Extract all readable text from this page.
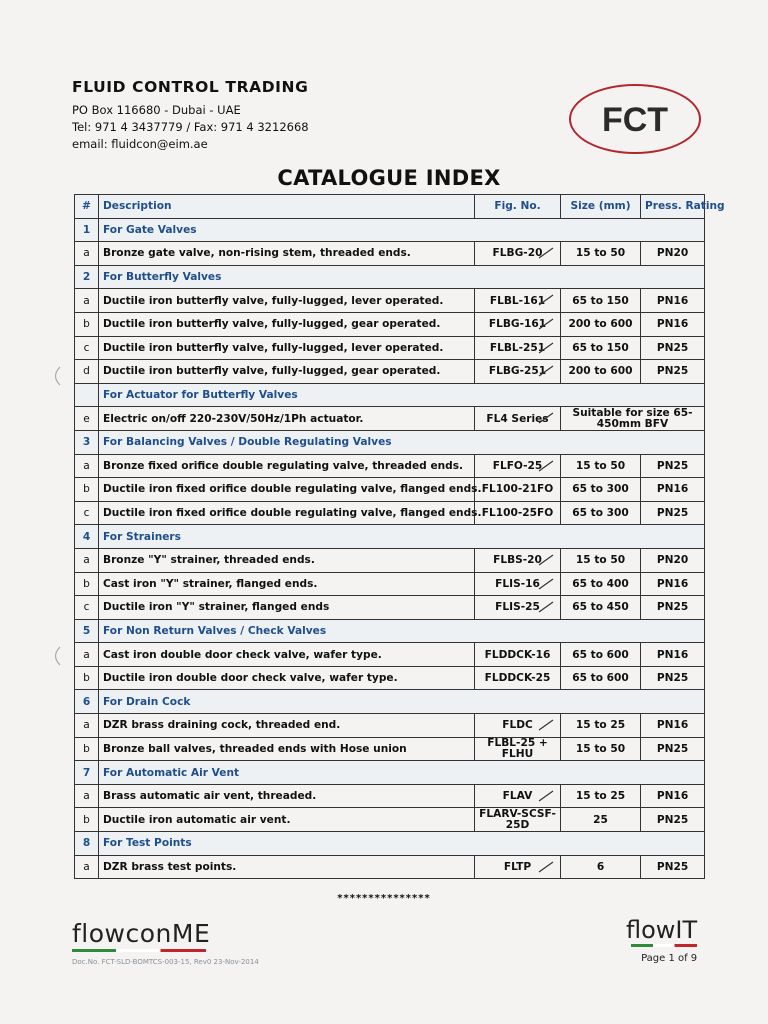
FLUID CONTROL TRADING
PO Box 116680 - Dubai - UAE
Tel: 971 4 3437779 / Fax: 971 4 3212668
email: fluidcon@eim.ae
FCT
CATALOGUE INDEX
#	Description	Fig. No.	Size (mm)	Press. Rating
1	For Gate Valves			
a	Bronze gate valve, non-rising stem, threaded ends.	FLBG-20	15 to 50	PN20
2	For Butterfly Valves			
a	Ductile iron butterfly valve, fully-lugged, lever operated.	FLBL-161	65 to 150	PN16
b	Ductile iron butterfly valve, fully-lugged, gear operated.	FLBG-161	200 to 600	PN16
c	Ductile iron butterfly valve, fully-lugged, lever operated.	FLBL-251	65 to 150	PN25
d	Ductile iron butterfly valve, fully-lugged, gear operated.	FLBG-251	200 to 600	PN25
	For Actuator for Butterfly Valves			
e	Electric on/off 220-230V/50Hz/1Ph actuator.	FL4 Series	Suitable for size 65-450mm BFV	
3	For Balancing Valves / Double Regulating Valves			
a	Bronze fixed orifice double regulating valve, threaded ends.	FLFO-25	15 to 50	PN25
b	Ductile iron fixed orifice double regulating valve, flanged ends.	FL100-21FO	65 to 300	PN16
c	Ductile iron fixed orifice double regulating valve, flanged ends.	FL100-25FO	65 to 300	PN25
4	For Strainers			
a	Bronze "Y" strainer, threaded ends.	FLBS-20	15 to 50	PN20
b	Cast iron "Y" strainer, flanged ends.	FLIS-16	65 to 400	PN16
c	Ductile iron "Y" strainer, flanged ends	FLIS-25	65 to 450	PN25
5	For Non Return Valves / Check Valves			
a	Cast iron double door check valve, wafer type.	FLDDCK-16	65 to 600	PN16
b	Ductile iron double door check valve, wafer type.	FLDDCK-25	65 to 600	PN25
6	For Drain Cock			
a	DZR brass draining cock, threaded end.	FLDC	15 to 25	PN16
b	Bronze ball valves, threaded ends with Hose union	FLBL-25 + FLHU	15 to 50	PN25
7	For Automatic Air Vent			
a	Brass automatic air vent, threaded.	FLAV	15 to 25	PN16
b	Ductile iron automatic air vent.	FLARV-SCSF-25D	25	PN25
8	For Test Points			
a	DZR brass test points.	FLTP	6	PN25
***************
flowconME
Doc.No. FCT-SLD-BOMTCS-003-15, Rev0 23-Nov-2014
flowIT
Page 1 of 9
